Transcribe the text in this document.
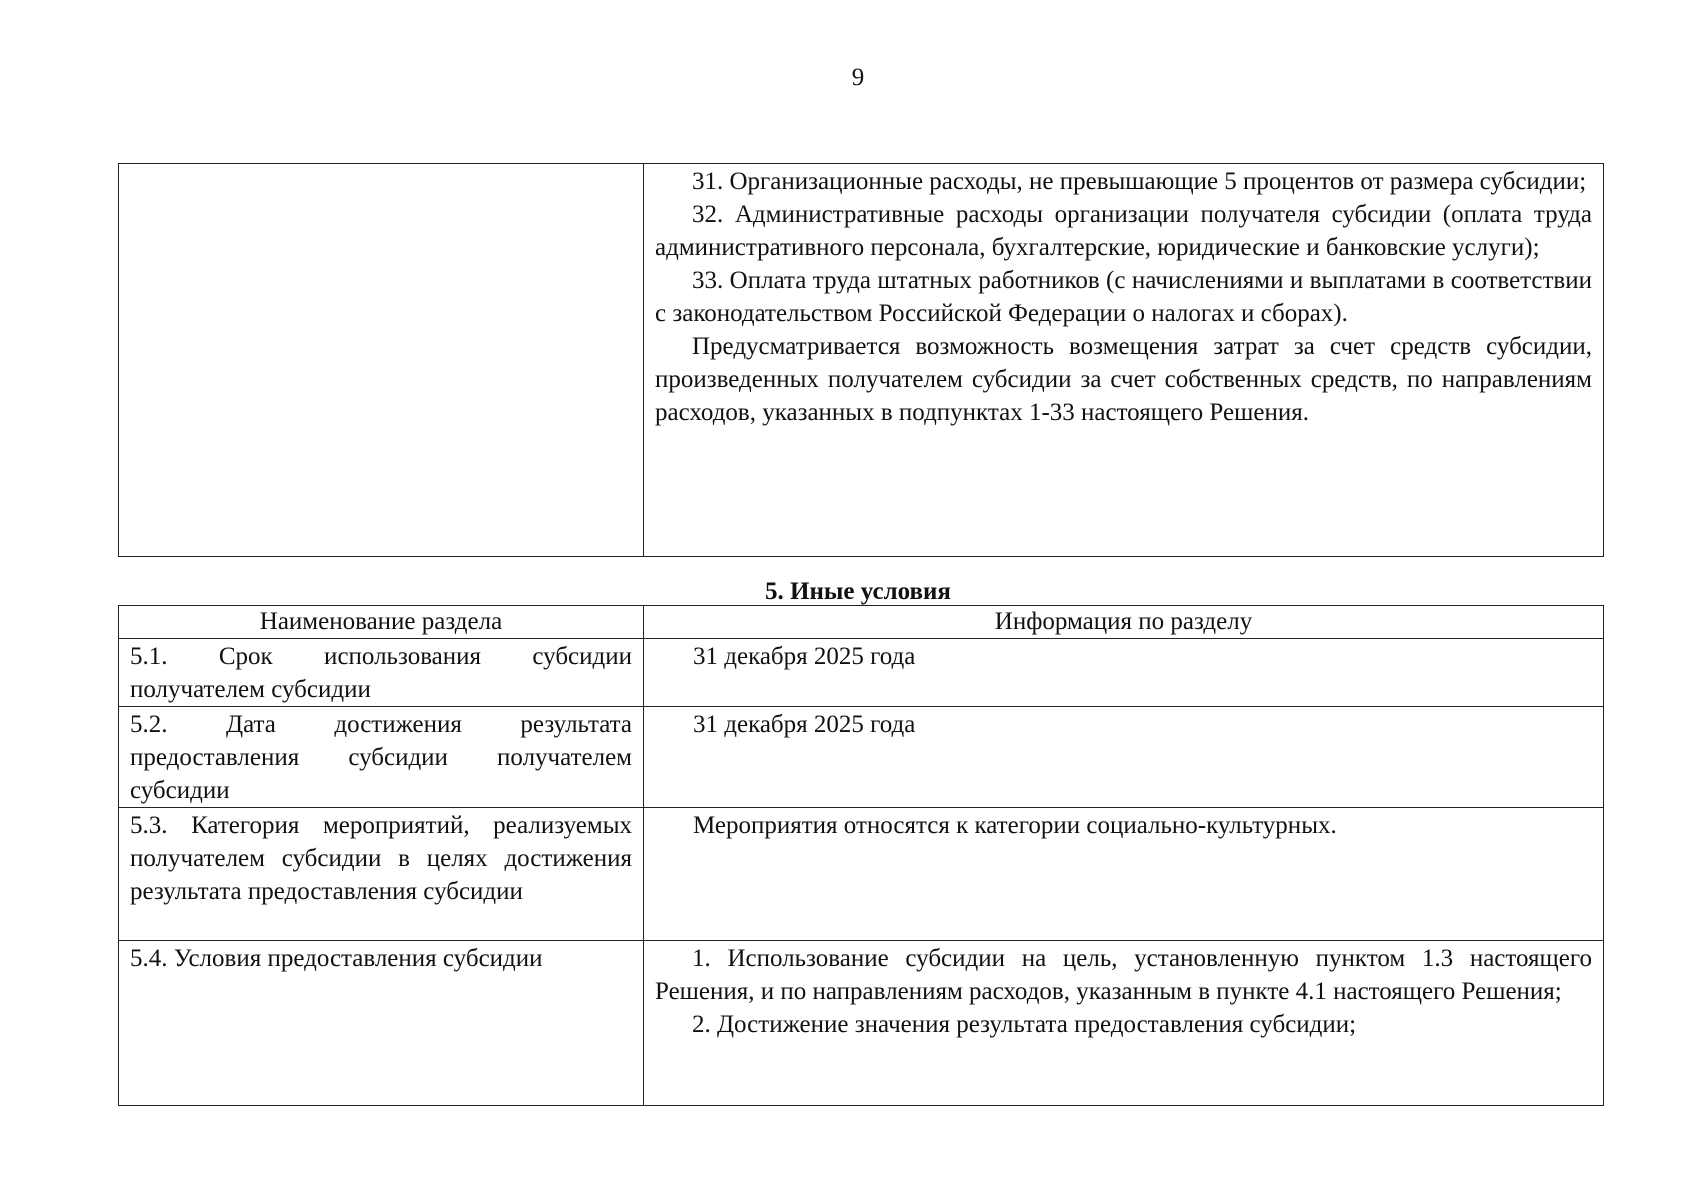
9

31. Организационные расходы, не превышающие 5 процентов от размера субсидии;

32. Административные расходы организации получателя субсидии (оплата труда административного персонала, бухгалтерские, юридические и банковские услуги);

33. Оплата труда штатных работников (с начислениями и выплатами в соответствии с законодательством Российской Федерации о налогах и сборах).

Предусматривается возможность возмещения затрат за счет средств субсидии, произведенных получателем субсидии за счет собственных средств, по направлениям расходов, указанных в подпунктах 1-33 настоящего Решения.

5. Иные условия
Наименование раздела	Информация по разделу
5.1. Срок использования субсидии получателем субсидии	31 декабря 2025 года
5.2. Дата достижения результата предоставления субсидии получателем субсидии	31 декабря 2025 года
5.3. Категория мероприятий, реализуемых получателем субсидии в целях достижения результата предоставления субсидии	Мероприятия относятся к категории социально-культурных.
5.4. Условия предоставления субсидии	1. Использование субсидии на цель, установленную пунктом 1.3 настоящего Решения, и по направлениям расходов, указанным в пункте 4.1 настоящего Решения;

2. Достижение значения результата предоставления субсидии;
